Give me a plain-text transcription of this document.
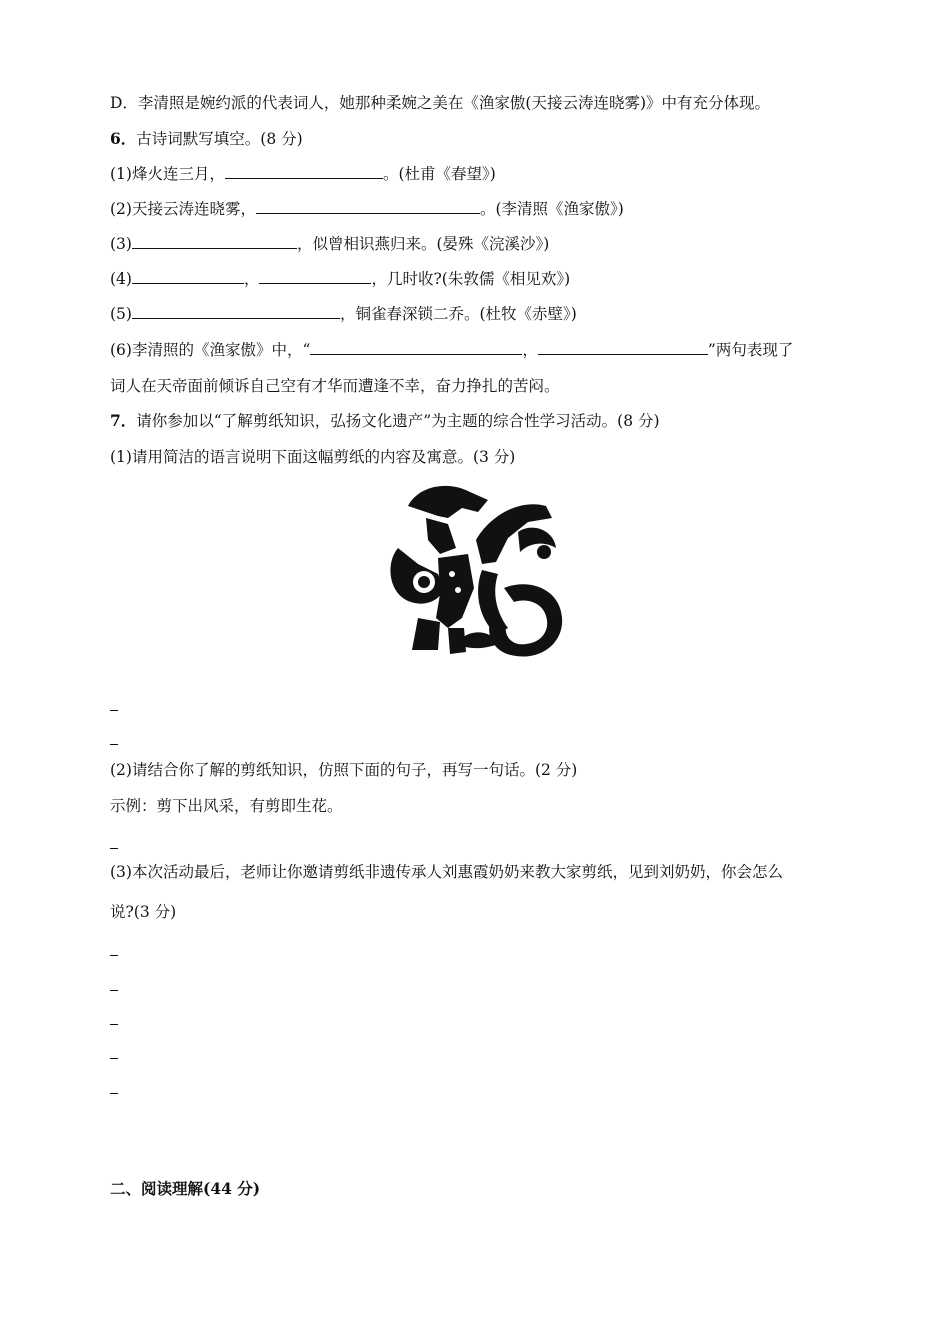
D．李清照是婉约派的代表词人，她那种柔婉之美在《渔家傲(天接云涛连晓雾)》中有充分体现。
6．古诗词默写填空。(8 分)
(1)烽火连三月，	。(杜甫《春望》)
(2)天接云涛连晓雾，	。(李清照《渔家傲》)
(3)	，似曾相识燕归来。(晏殊《浣溪沙》)
(4)	，	，几时收?(朱敦儒《相见欢》)
(5)	，铜雀春深锁二乔。(杜牧《赤壁》)
(6)李清照的《渔家傲》中，“	，	”两句表现了
词人在天帝面前倾诉自己空有才华而遭逢不幸，奋力挣扎的苦闷。
7．请你参加以“了解剪纸知识，弘扬文化遗产”为主题的综合性学习活动。(8 分)
(1)请用简洁的语言说明下面这幅剪纸的内容及寓意。(3 分)
(2)请结合你了解的剪纸知识，仿照下面的句子，再写一句话。(2 分)
示例：剪下出风采，有剪即生花。
(3)本次活动最后，老师让你邀请剪纸非遗传承人刘惠霞奶奶来教大家剪纸，见到刘奶奶，你会怎么
说?(3 分)
二、阅读理解(44 分)
